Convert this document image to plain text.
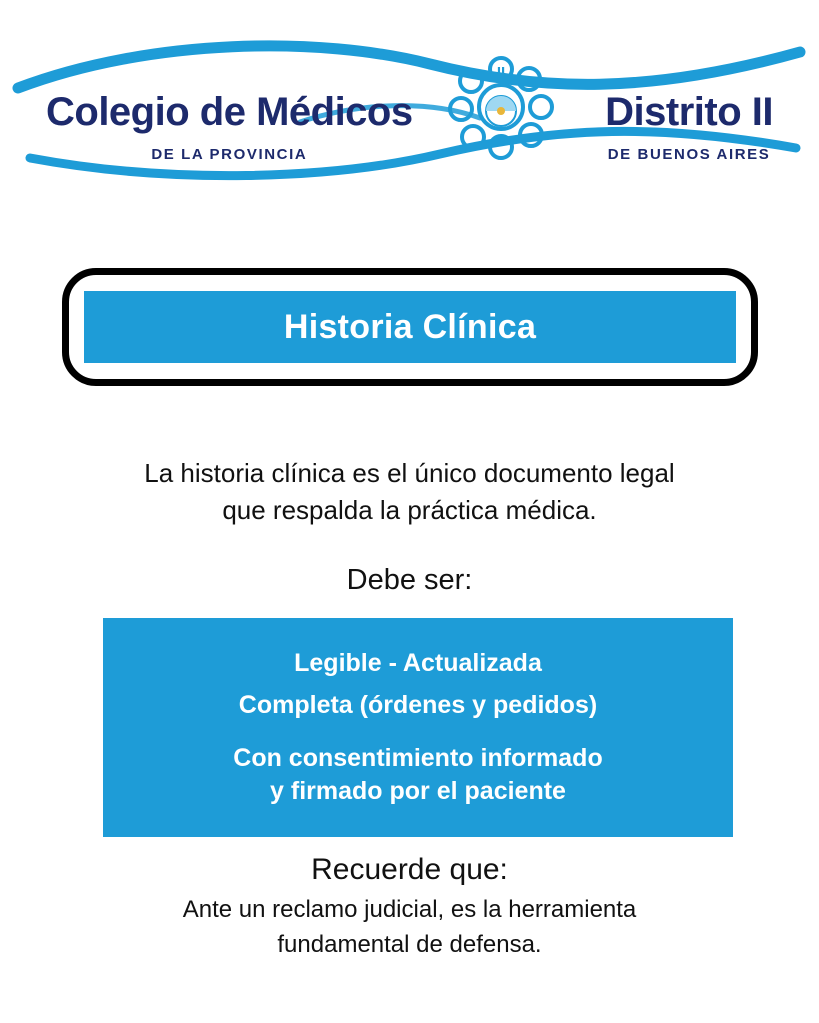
II
Colegio de Médicos
DE LA PROVINCIA
Distrito II
DE BUENOS AIRES
Historia Clínica
La historia clínica es el único documento legal
que respalda la práctica médica.
Debe ser:
Legible - Actualizada
Completa (órdenes y pedidos)
Con consentimiento informado
y firmado por el paciente
Recuerde que:
Ante un reclamo judicial, es la herramienta
fundamental de defensa.
